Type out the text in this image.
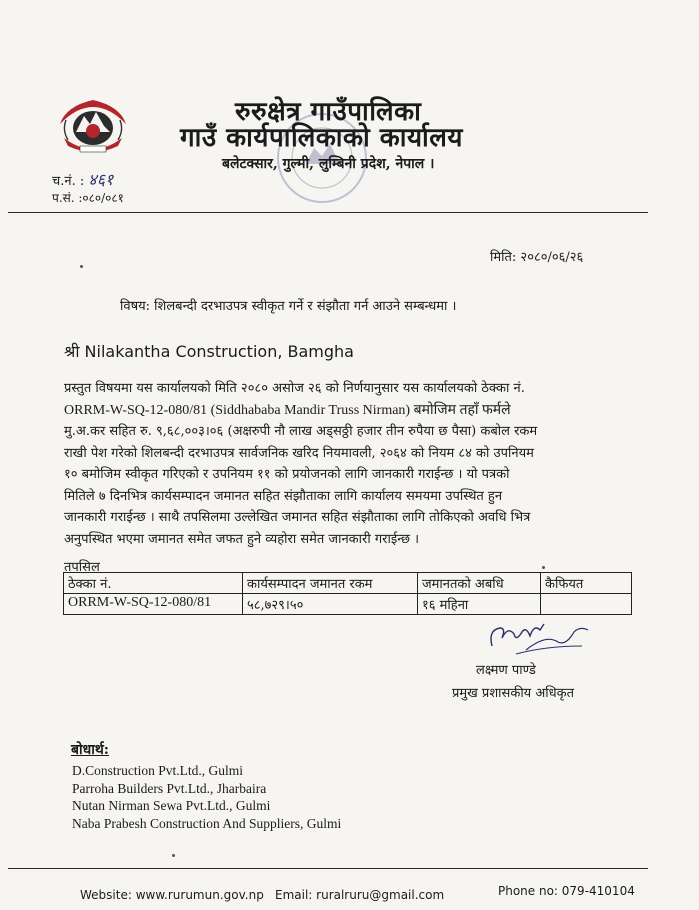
रुरुक्षेत्र गाउँपालिका
गाउँ कार्यपालिकाको कार्यालय
बलेटक्सार, गुल्मी, लुम्बिनी प्रदेश, नेपाल ।
च.नं. : ४६१
प.सं. :०८०/०८१
मिति: २०८०/०६/२६
विषय: शिलबन्दी दरभाउपत्र स्वीकृत गर्ने र संझौता गर्न आउने सम्बन्धमा ।
श्री Nilakantha Construction, Bamgha

प्रस्तुत विषयमा यस कार्यालयको मिति २०८० असोज २६ को निर्णयानुसार यस कार्यालयको ठेक्का नं.

ORRM-W-SQ-12-080/81 (Siddhababa Mandir Truss Nirman) बमोजिम तहाँ फर्मले

मु.अ.कर सहित रु. ९,६८,००३।०६ (अक्षरुपी नौ लाख अड्सठ्ठी हजार तीन रुपैया छ पैसा) कबोल रकम

राखी पेश गरेको शिलबन्दी दरभाउपत्र सार्वजनिक खरिद नियमावली, २०६४ को नियम ८४ को उपनियम

१० बमोजिम स्वीकृत गरिएको र उपनियम ११ को प्रयोजनको लागि जानकारी गराईन्छ । यो पत्रको

मितिले ७ दिनभित्र कार्यसम्पादन जमानत सहित संझौताका लागि कार्यालय समयमा उपस्थित हुन

जानकारी गराईन्छ । साथै तपसिलमा उल्लेखित जमानत सहित संझौताका लागि तोकिएको अवधि भित्र

अनुपस्थित भएमा जमानत समेत जफत हुने व्यहोरा समेत जानकारी गराईन्छ ।

तपसिल
ठेक्का नं.	कार्यसम्पादन जमानत रकम	जमानतको अबधि	कैफियत
ORRM-W-SQ-12-080/81	५८,७२९।५०	१६ महिना	
लक्ष्मण पाण्डे
प्रमुख प्रशासकीय अधिकृत
बोधार्थ:
D.Construction Pvt.Ltd., Gulmi
Parroha Builders Pvt.Ltd., Jharbaira
Nutan Nirman Sewa Pvt.Ltd., Gulmi
Naba Prabesh Construction And Suppliers, Gulmi
Website: www.rurumun.gov.np Email: ruralruru@gmail.com	Phone no: 079-410104
